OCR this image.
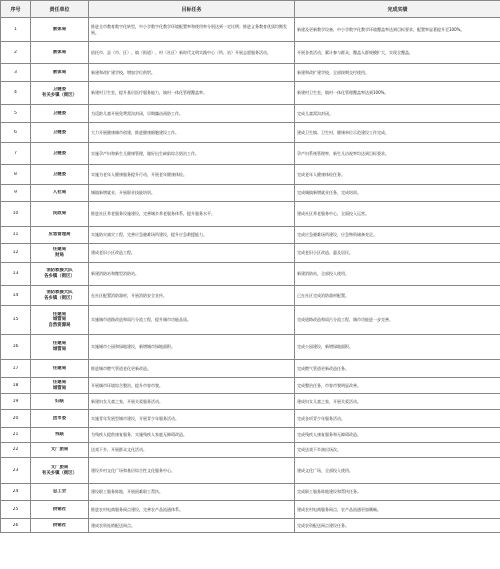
序号	责任单位	目标任务	完成实绩

1	教体局	推进全市教育数字化转型，中小学数字化教学环境配置率和使用率分别达到一定比例；推进义务教育优质均衡发展。	新建及更新教学设备，中小学数字化教学环境覆盖率达到目标要求，配置率显著提升至100%。

2	教体局	依托市、县（市、区）、镇（街道）、村（社区）新时代文明实践中心（所、站）开展志愿服务活动。	开展各类活动，累计参与群众，覆盖人群规模扩大，实现全覆盖。

3	教体局	新建和改扩建学校，增加学位供给。	新建和改扩建学校，全部按期交付使用。

4	卫健委
有关乡镇（街区）	新建村卫生室，提升基层医疗服务能力，镇村一体化管理覆盖率。	新建村卫生室，镇村一体化管理覆盖率达到100%。

5	卫健委	为适龄儿童开展免费窝沟封闭，早期龋齿预防工作。	完成儿童窝沟封闭。

6	卫健委	大力开展健康城市创建，推进健康细胞建设工作。	建成卫生镇、卫生村，健康单位示范建设工作完成。

7	卫健委	实施孕产妇和新生儿健康管理，做好出生缺陷综合防治工作。	孕产妇系统管理率、新生儿访视率均达到目标要求。

8	卫健委	实施为老年人健康服务提升行动，开展老年健康体检。	完成老年人健康体检任务。

9	人社局	城镇新增就业，开展职业技能培训。	完成城镇新增就业任务，完成培训。

10	民政局	推进社区养老服务设施建设，完善城乡养老服务体系，提升服务水平。	建成社区养老服务中心，全面投入运营。

11	应急管理局	实施防灾减灾工程，完善应急避难场所建设，提升应急救援能力。	完成应急避难场所建设，应急物资储备充足。

12	住建局
财局	建成老旧小区改造工程。	完成老旧小区改造，惠及居民。

13	消防救援大队
各乡镇（街区）	新建消防站和微型消防站。	新建消防站，全部投入使用。

14	消防救援大队
各乡镇（街区）	在社区配置消防器材，开展消防安全宣传。	已在社区完成消防器材配置。

15	住建局
城管局
自然资源局	实施城市道路改造和雨污分流工程，提升城市功能品质。	完成道路改造和雨污分流工程，城市功能进一步完善。

16	住建局
城管局	实施城市公园和绿地建设，新增城市绿地面积。	完成公园建设，新增绿地面积。

17	住建局	推进城市燃气管道老化更新改造。	完成燃气管道更新改造任务。

18	住建局
城管局	开展城市环境综合整治，提升市容市貌。	完成整治任务，市容市貌明显改善。

19	妇联	新建妇女儿童之家，开展关爱服务活动。	建成妇女儿童之家，开展关爱活动。

20	团市委	实施青年发展型城市建设，开展青少年服务活动。	完成各项青少年服务活动。

21	残联	为残疾人提供康复服务，实施残疾人家庭无障碍改造。	完成残疾人康复服务和无障碍改造。

22	文广旅局	送戏下乡，开展群众文化活动。	完成送戏下乡演出场次。

23	文广旅局
有关乡镇（街区）	建设乡村文化广场和基层综合性文化服务中心。	建成文化广场，全部投入使用。

24	总工会	建设职工服务阵地，开展困难职工帮扶。	完成职工服务阵地建设和帮扶任务。

25	供销社	推进农村电商服务网点建设，完善农产品流通体系。	建成农村电商服务网点，农产品流通更加顺畅。

26	供销社	建成农资连锁配送网点。	完成农资配送网点建设任务。
